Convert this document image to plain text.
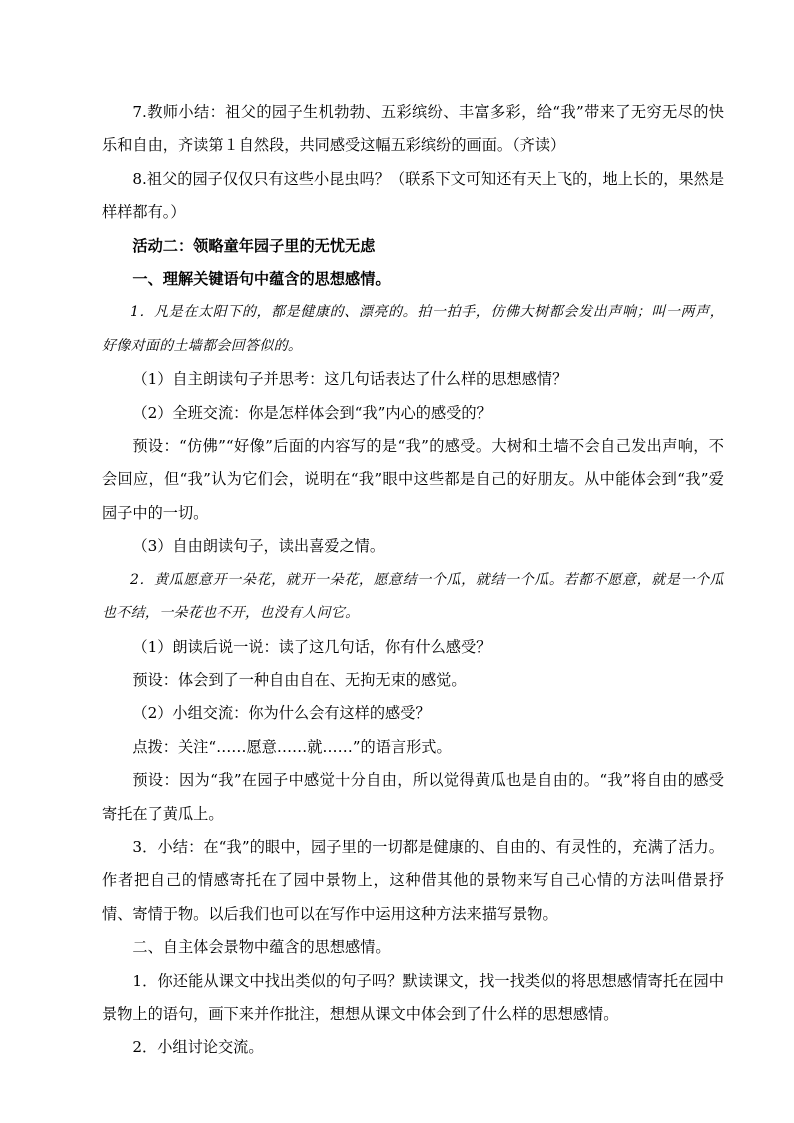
7.教师小结：祖父的园子生机勃勃、五彩缤纷、丰富多彩，给“我”带来了无穷无尽的快乐和自由，齐读第１自然段，共同感受这幅五彩缤纷的画面。（齐读）

8.祖父的园子仅仅只有这些小昆虫吗？（联系下文可知还有天上飞的，地上长的，果然是样样都有。）

活动二：领略童年园子里的无忧无虑

一、理解关键语句中蕴含的思想感情。

1．凡是在太阳下的，都是健康的、漂亮的。拍一拍手，仿佛大树都会发出声响；叫一两声，好像对面的土墙都会回答似的。

（1）自主朗读句子并思考：这几句话表达了什么样的思想感情？

（2）全班交流：你是怎样体会到“我”内心的感受的？

预设：“仿佛”“好像”后面的内容写的是“我”的感受。大树和土墙不会自己发出声响，不会回应，但“我”认为它们会，说明在“我”眼中这些都是自己的好朋友。从中能体会到“我”爱园子中的一切。

（3）自由朗读句子，读出喜爱之情。

2．黄瓜愿意开一朵花，就开一朵花，愿意结一个瓜，就结一个瓜。若都不愿意，就是一个瓜也不结，一朵花也不开，也没有人问它。

（1）朗读后说一说：读了这几句话，你有什么感受？

预设：体会到了一种自由自在、无拘无束的感觉。

（2）小组交流：你为什么会有这样的感受？

点拨：关注“……愿意……就……”的语言形式。

预设：因为“我”在园子中感觉十分自由，所以觉得黄瓜也是自由的。“我”将自由的感受寄托在了黄瓜上。

3．小结：在“我”的眼中，园子里的一切都是健康的、自由的、有灵性的，充满了活力。作者把自己的情感寄托在了园中景物上，这种借其他的景物来写自己心情的方法叫借景抒情、寄情于物。以后我们也可以在写作中运用这种方法来描写景物。

二、自主体会景物中蕴含的思想感情。

1．你还能从课文中找出类似的句子吗？默读课文，找一找类似的将思想感情寄托在园中景物上的语句，画下来并作批注，想想从课文中体会到了什么样的思想感情。

2．小组讨论交流。
